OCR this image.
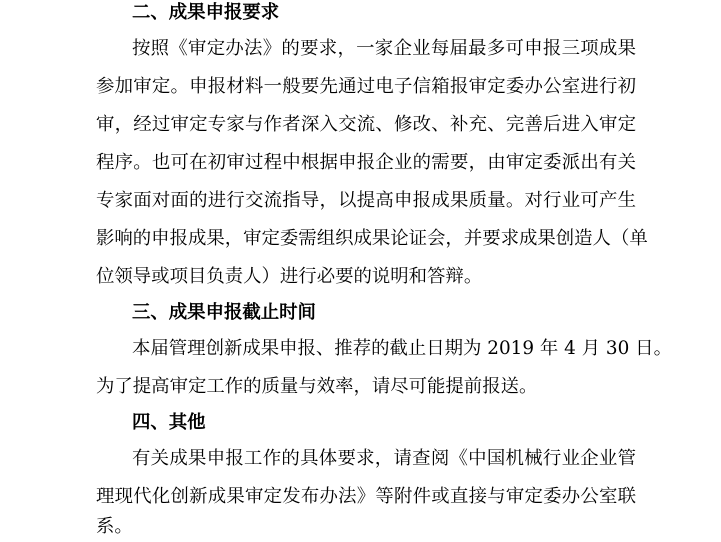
二、成果申报要求
按照《审定办法》的要求，一家企业每届最多可申报三项成果
参加审定。申报材料一般要先通过电子信箱报审定委办公室进行初
审，经过审定专家与作者深入交流、修改、补充、完善后进入审定
程序。也可在初审过程中根据申报企业的需要，由审定委派出有关
专家面对面的进行交流指导，以提高申报成果质量。对行业可产生
影响的申报成果，审定委需组织成果论证会，并要求成果创造人（单
位领导或项目负责人）进行必要的说明和答辩。
三、成果申报截止时间
本届管理创新成果申报、推荐的截止日期为 2019 年 4 月 30 日。
为了提高审定工作的质量与效率，请尽可能提前报送。
四、其他
有关成果申报工作的具体要求，请查阅《中国机械行业企业管
理现代化创新成果审定发布办法》等附件或直接与审定委办公室联
系。
